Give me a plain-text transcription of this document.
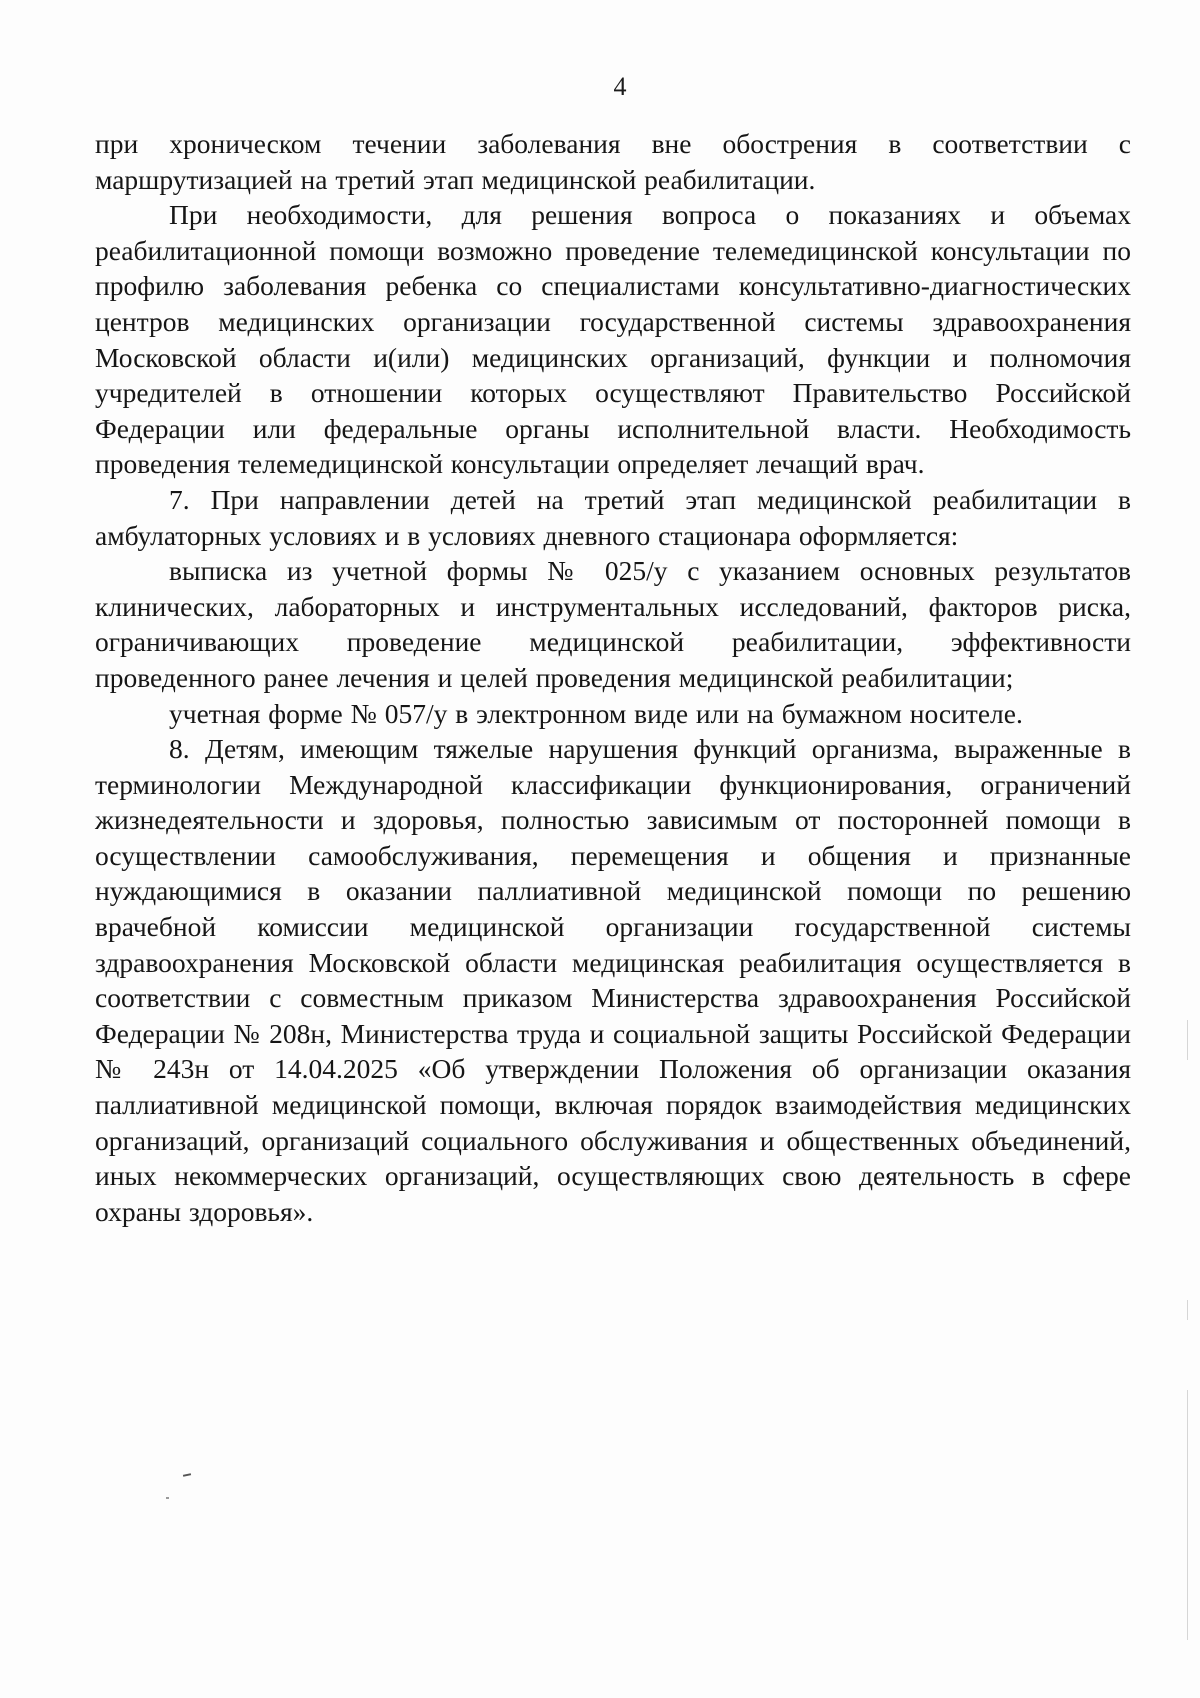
4

при хроническом течении заболевания вне обострения в соответствии с маршрутизацией на третий этап медицинской реабилитации.

При необходимости, для решения вопроса о показаниях и объемах реабилитационной помощи возможно проведение телемедицинской консультации по профилю заболевания ребенка со специалистами консультативно-диагностических центров медицинских организации государственной системы здравоохранения Московской области и(или) медицинских организаций, функции и полномочия учредителей в отношении которых осуществляют Правительство Российской Федерации или федеральные органы исполнительной власти. Необходимость проведения телемедицинской консультации определяет лечащий врач.

7. При направлении детей на третий этап медицинской реабилитации в амбулаторных условиях и в условиях дневного стационара оформляется:

выписка из учетной формы № 025/у с указанием основных результатов клинических, лабораторных и инструментальных исследований, факторов риска, ограничивающих проведение медицинской реабилитации, эффективности проведенного ранее лечения и целей проведения медицинской реабилитации;

учетная форме № 057/у в электронном виде или на бумажном носителе.

8. Детям, имеющим тяжелые нарушения функций организма, выраженные в терминологии Международной классификации функционирования, ограничений жизнедеятельности и здоровья, полностью зависимым от посторонней помощи в осуществлении самообслуживания, перемещения и общения и признанные нуждающимися в оказании паллиативной медицинской помощи по решению врачебной комиссии медицинской организации государственной системы здравоохранения Московской области медицинская реабилитация осуществляется в соответствии с совместным приказом Министерства здравоохранения Российской Федерации № 208н, Министерства труда и социальной защиты Российской Федерации № 243н от 14.04.2025 «Об утверждении Положения об организации оказания паллиативной медицинской помощи, включая порядок взаимодействия медицинских организаций, организаций социального обслуживания и общественных объединений, иных некоммерческих организаций, осуществляющих свою деятельность в сфере охраны здоровья».
